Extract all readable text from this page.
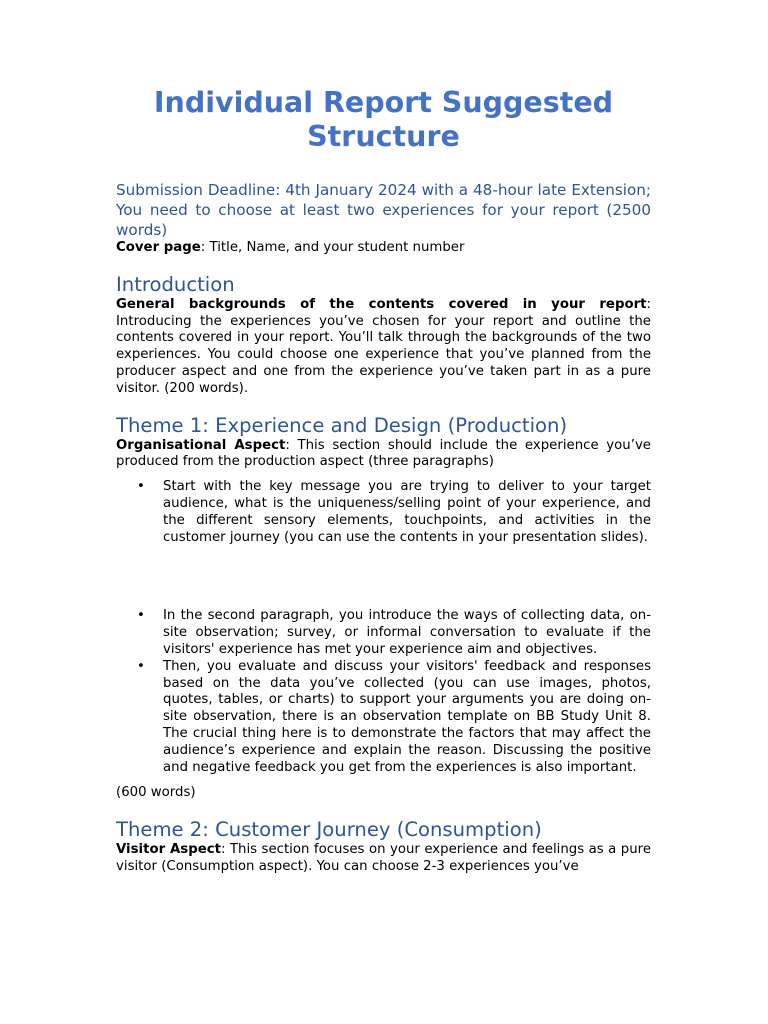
Individual Report Suggested Structure

Submission Deadline: 4th January 2024 with a 48-hour late Extension; You need to choose at least two experiences for your report (2500 words)

Cover page: Title, Name, and your student number

Introduction

General backgrounds of the contents covered in your report: Introducing the experiences you’ve chosen for your report and outline the contents covered in your report. You’ll talk through the backgrounds of the two experiences. You could choose one experience that you’ve planned from the producer aspect and one from the experience you’ve taken part in as a pure visitor. (200 words).

Theme 1: Experience and Design (Production)

Organisational Aspect: This section should include the experience you’ve produced from the production aspect (three paragraphs)

• Start with the key message you are trying to deliver to your target audience, what is the uniqueness/selling point of your experience, and the different sensory elements, touchpoints, and activities in the customer journey (you can use the contents in your presentation slides).
• In the second paragraph, you introduce the ways of collecting data, on-site observation; survey, or informal conversation to evaluate if the visitors' experience has met your experience aim and objectives.
• Then, you evaluate and discuss your visitors' feedback and responses based on the data you’ve collected (you can use images, photos, quotes, tables, or charts) to support your arguments you are doing on-site observation, there is an observation template on BB Study Unit 8. The crucial thing here is to demonstrate the factors that may affect the audience’s experience and explain the reason. Discussing the positive and negative feedback you get from the experiences is also important.

(600 words)

Theme 2: Customer Journey (Consumption)

Visitor Aspect: This section focuses on your experience and feelings as a pure visitor (Consumption aspect). You can choose 2-3 experiences you’ve
